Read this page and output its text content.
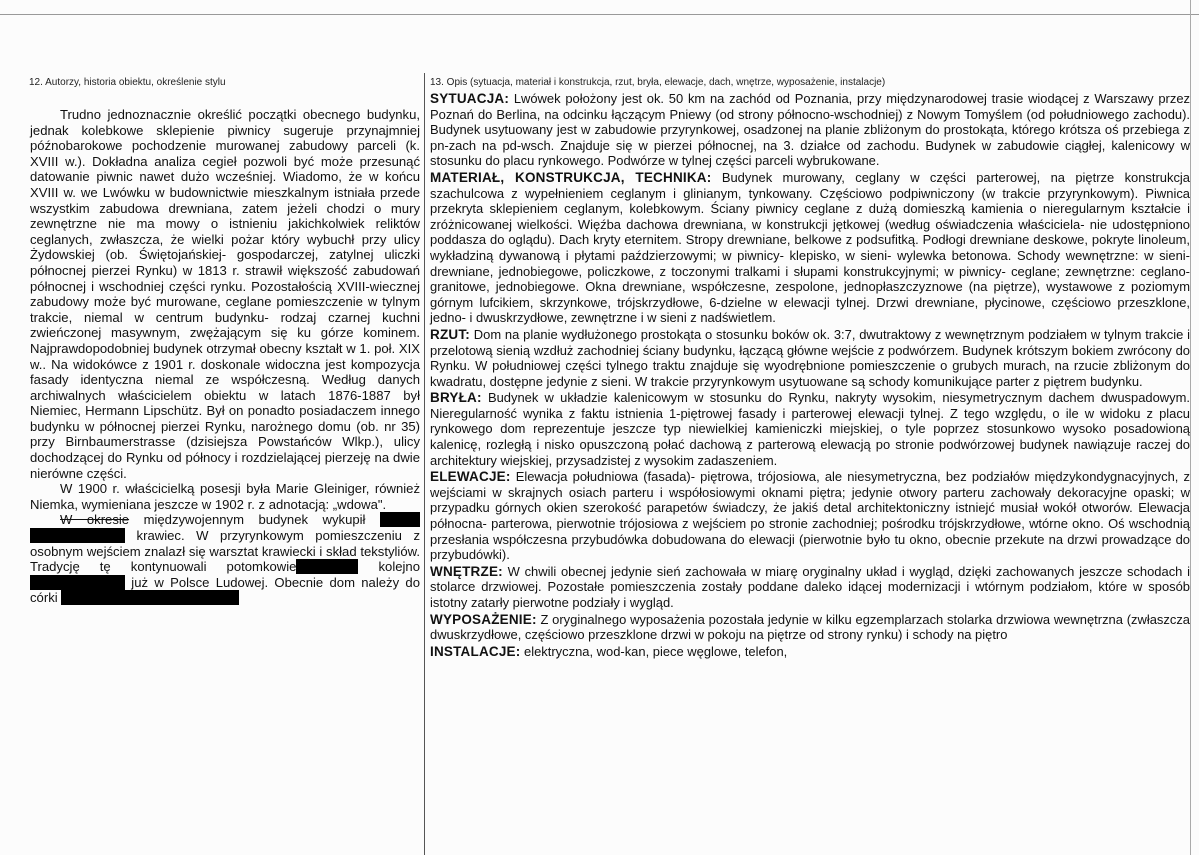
12. Autorzy, historia obiektu, określenie stylu	13. Opis (sytuacja, materiał i konstrukcja, rzut, bryła, elewacje, dach, wnętrze, wyposażenie, instalacje)

Trudno jednoznacznie określić początki obecnego budynku, jednak kolebkowe sklepienie piwnicy sugeruje przynajmniej późnobarokowe pochodzenie murowanej zabudowy parceli (k. XVIII w.). Dokładna analiza cegieł pozwoli być może przesunąć datowanie piwnic nawet dużo wcześniej. Wiadomo, że w końcu XVIII w. we Lwówku w budownictwie mieszkalnym istniała przede wszystkim zabudowa drewniana, zatem jeżeli chodzi o mury zewnętrzne nie ma mowy o istnieniu jakichkolwiek reliktów ceglanych, zwłaszcza, że wielki pożar który wybuchł przy ulicy Żydowskiej (ob. Świętojańskiej- gospodarczej, zatylnej uliczki północnej pierzei Rynku) w 1813 r. strawił większość zabudowań północnej i wschodniej części rynku. Pozostałością XVIII-wiecznej zabudowy może być murowane, ceglane pomieszczenie w tylnym trakcie, niemal w centrum budynku- rodzaj czarnej kuchni zwieńczonej masywnym, zwężającym się ku górze kominem. Najprawdopodobniej budynek otrzymał obecny kształt w 1. poł. XIX w.. Na widokówce z 1901 r. doskonale widoczna jest kompozycja fasady identyczna niemal ze współczesną. Według danych archiwalnych właścicielem obiektu w latach 1876-1887 był Niemiec, Hermann Lipschütz. Był on ponadto posiadaczem innego budynku w północnej pierzei Rynku, narożnego domu (ob. nr 35) przy Birnbaumerstrasse (dzisiejsza Powstańców Wlkp.), ulicy dochodzącej do Rynku od północy i rozdzielającej pierzeję na dwie nierówne części.

W 1900 r. właścicielką posesji była Marie Gleiniger, również Niemka, wymieniana jeszcze w 1902 r. z adnotacją: „wdowa".

W okresie międzywojennym budynek wykupił   krawiec. W przyrynkowym pomieszczeniu z osobnym wejściem znalazł się warsztat krawiecki i skład tekstyliów. Tradycję tę kontynuowali potomkowie	kolejno  już w Polsce Ludowej. Obecnie dom należy do córki

SYTUACJA: Lwówek położony jest ok. 50 km na zachód od Poznania, przy międzynarodowej trasie wiodącej z Warszawy przez Poznań do Berlina, na odcinku łączącym Pniewy (od strony północno-wschodniej) z Nowym Tomyślem (od południowego zachodu). Budynek usytuowany jest w zabudowie przyrynkowej, osadzonej na planie zbliżonym do prostokąta, którego krótsza oś przebiega z pn-zach na pd-wsch. Znajduje się w pierzei północnej, na 3. działce od zachodu. Budynek w zabudowie ciągłej, kalenicowy w stosunku do placu rynkowego. Podwórze w tylnej części parceli wybrukowane.

MATERIAŁ, KONSTRUKCJA, TECHNIKA: Budynek murowany, ceglany w części parterowej, na piętrze konstrukcja szachulcowa z wypełnieniem ceglanym i glinianym, tynkowany. Częściowo podpiwniczony (w trakcie przyrynkowym). Piwnica przekryta sklepieniem ceglanym, kolebkowym. Ściany piwnicy ceglane z dużą domieszką kamienia o nieregularnym kształcie i zróżnicowanej wielkości. Więźba dachowa drewniana, w konstrukcji jętkowej (według oświadczenia właściciela- nie udostępniono poddasza do oglądu). Dach kryty eternitem. Stropy drewniane, belkowe z podsufitką. Podłogi drewniane deskowe, pokryte linoleum, wykładziną dywanową i płytami paździerzowymi; w piwnicy- klepisko, w sieni- wylewka betonowa. Schody wewnętrzne: w sieni- drewniane, jednobiegowe, policzkowe, z toczonymi tralkami i słupami konstrukcyjnymi; w piwnicy- ceglane; zewnętrzne: ceglano-granitowe, jednobiegowe. Okna drewniane, współczesne, zespolone, jednopłaszczyznowe (na piętrze), wystawowe z poziomym górnym lufcikiem, skrzynkowe, trójskrzydłowe, 6-dzielne w elewacji tylnej. Drzwi drewniane, płycinowe, częściowo przeszklone, jedno- i dwuskrzydłowe, zewnętrzne i w sieni z nadświetlem.

RZUT: Dom na planie wydłużonego prostokąta o stosunku boków ok. 3:7, dwutraktowy z wewnętrznym podziałem w tylnym trakcie i przelotową sienią wzdłuż zachodniej ściany budynku, łączącą główne wejście z podwórzem. Budynek krótszym bokiem zwrócony do Rynku. W południowej części tylnego traktu znajduje się wyodrębnione pomieszczenie o grubych murach, na rzucie zbliżonym do kwadratu, dostępne jedynie z sieni. W trakcie przyrynkowym usytuowane są schody komunikujące parter z piętrem budynku.

BRYŁA: Budynek w układzie kalenicowym w stosunku do Rynku, nakryty wysokim, niesymetrycznym dachem dwuspadowym. Nieregularność wynika z faktu istnienia 1-piętrowej fasady i parterowej elewacji tylnej. Z tego względu, o ile w widoku z placu rynkowego dom reprezentuje jeszcze typ niewielkiej kamieniczki miejskiej, o tyle poprzez stosunkowo wysoko posadowioną kalenicę, rozległą i nisko opuszczoną połać dachową z parterową elewacją po stronie podwórzowej budynek nawiązuje raczej do architektury wiejskiej, przysadzistej z wysokim zadaszeniem.

ELEWACJE: Elewacja południowa (fasada)- piętrowa, trójosiowa, ale niesymetryczna, bez podziałów międzykondygnacyjnych, z wejściami w skrajnych osiach parteru i współosiowymi oknami piętra; jedynie otwory parteru zachowały dekoracyjne opaski; w przypadku górnych okien szerokość parapetów świadczy, że jakiś detal architektoniczny istniejć musiał wokół otworów. Elewacja północna- parterowa, pierwotnie trójosiowa z wejściem po stronie zachodniej; pośrodku trójskrzydłowe, wtórne okno. Oś wschodnią przesłania współczesna przybudówka dobudowana do elewacji (pierwotnie było tu okno, obecnie przekute na drzwi prowadzące do przybudówki).

WNĘTRZE: W chwili obecnej jedynie sień zachowała w miarę oryginalny układ i wygląd, dzięki zachowanych jeszcze schodach i stolarce drzwiowej. Pozostałe pomieszczenia zostały poddane daleko idącej modernizacji i wtórnym podziałom, które w sposób istotny zatarły pierwotne podziały i wygląd.

WYPOSAŻENIE: Z oryginalnego wyposażenia pozostała jedynie w kilku egzemplarzach stolarka drzwiowa wewnętrzna (zwłaszcza dwuskrzydłowe, częściowo przeszklone drzwi w pokoju na piętrze od strony rynku) i schody na piętro

INSTALACJE: elektryczna, wod-kan, piece węglowe, telefon,
